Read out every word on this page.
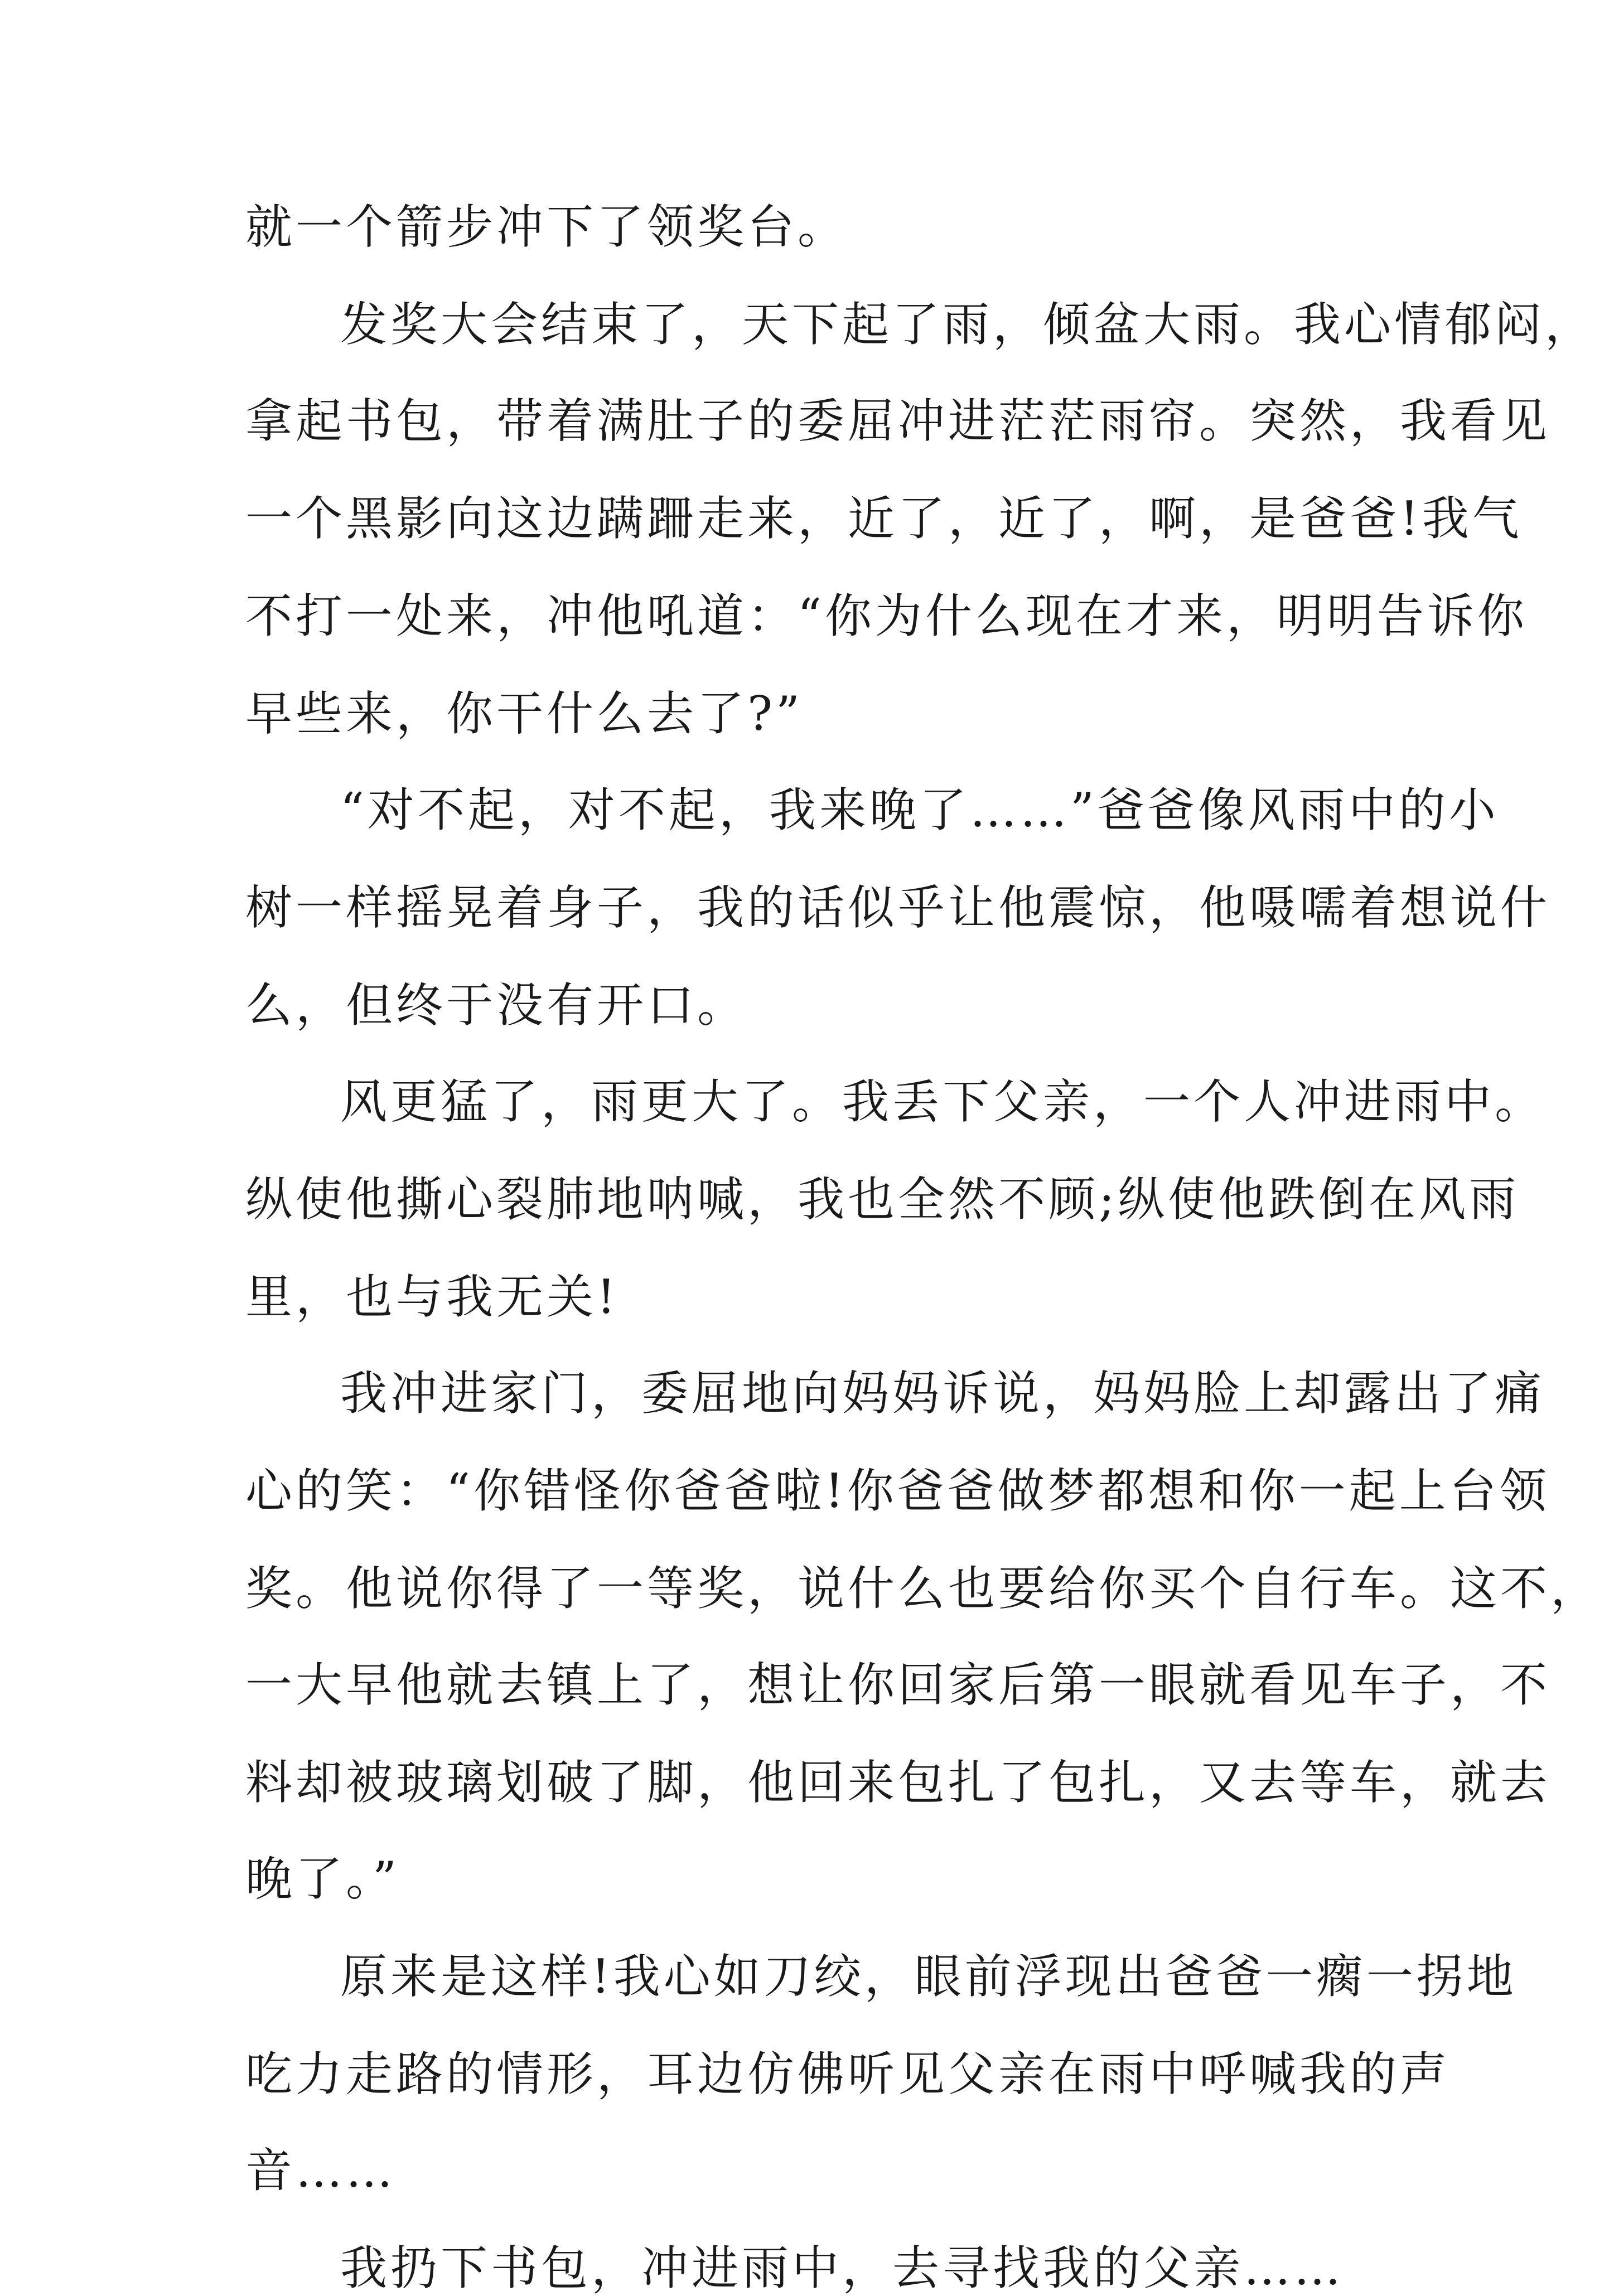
就一个箭步冲下了领奖台。
发奖大会结束了，天下起了雨，倾盆大雨。我心情郁闷，
拿起书包，带着满肚子的委屈冲进茫茫雨帘。突然，我看见
一个黑影向这边蹒跚走来，近了，近了，啊，是爸爸!我气
不打一处来，冲他吼道：“你为什么现在才来，明明告诉你
早些来，你干什么去了?”
“对不起，对不起，我来晚了……”爸爸像风雨中的小
树一样摇晃着身子，我的话似乎让他震惊，他嗫嚅着想说什
么，但终于没有开口。
风更猛了，雨更大了。我丢下父亲，一个人冲进雨中。
纵使他撕心裂肺地呐喊，我也全然不顾;纵使他跌倒在风雨
里，也与我无关!
我冲进家门，委屈地向妈妈诉说，妈妈脸上却露出了痛
心的笑：“你错怪你爸爸啦!你爸爸做梦都想和你一起上台领
奖。他说你得了一等奖，说什么也要给你买个自行车。这不，
一大早他就去镇上了，想让你回家后第一眼就看见车子，不
料却被玻璃划破了脚，他回来包扎了包扎，又去等车，就去
晚了。”
原来是这样!我心如刀绞，眼前浮现出爸爸一瘸一拐地
吃力走路的情形，耳边仿佛听见父亲在雨中呼喊我的声
音……
我扔下书包，冲进雨中，去寻找我的父亲……
